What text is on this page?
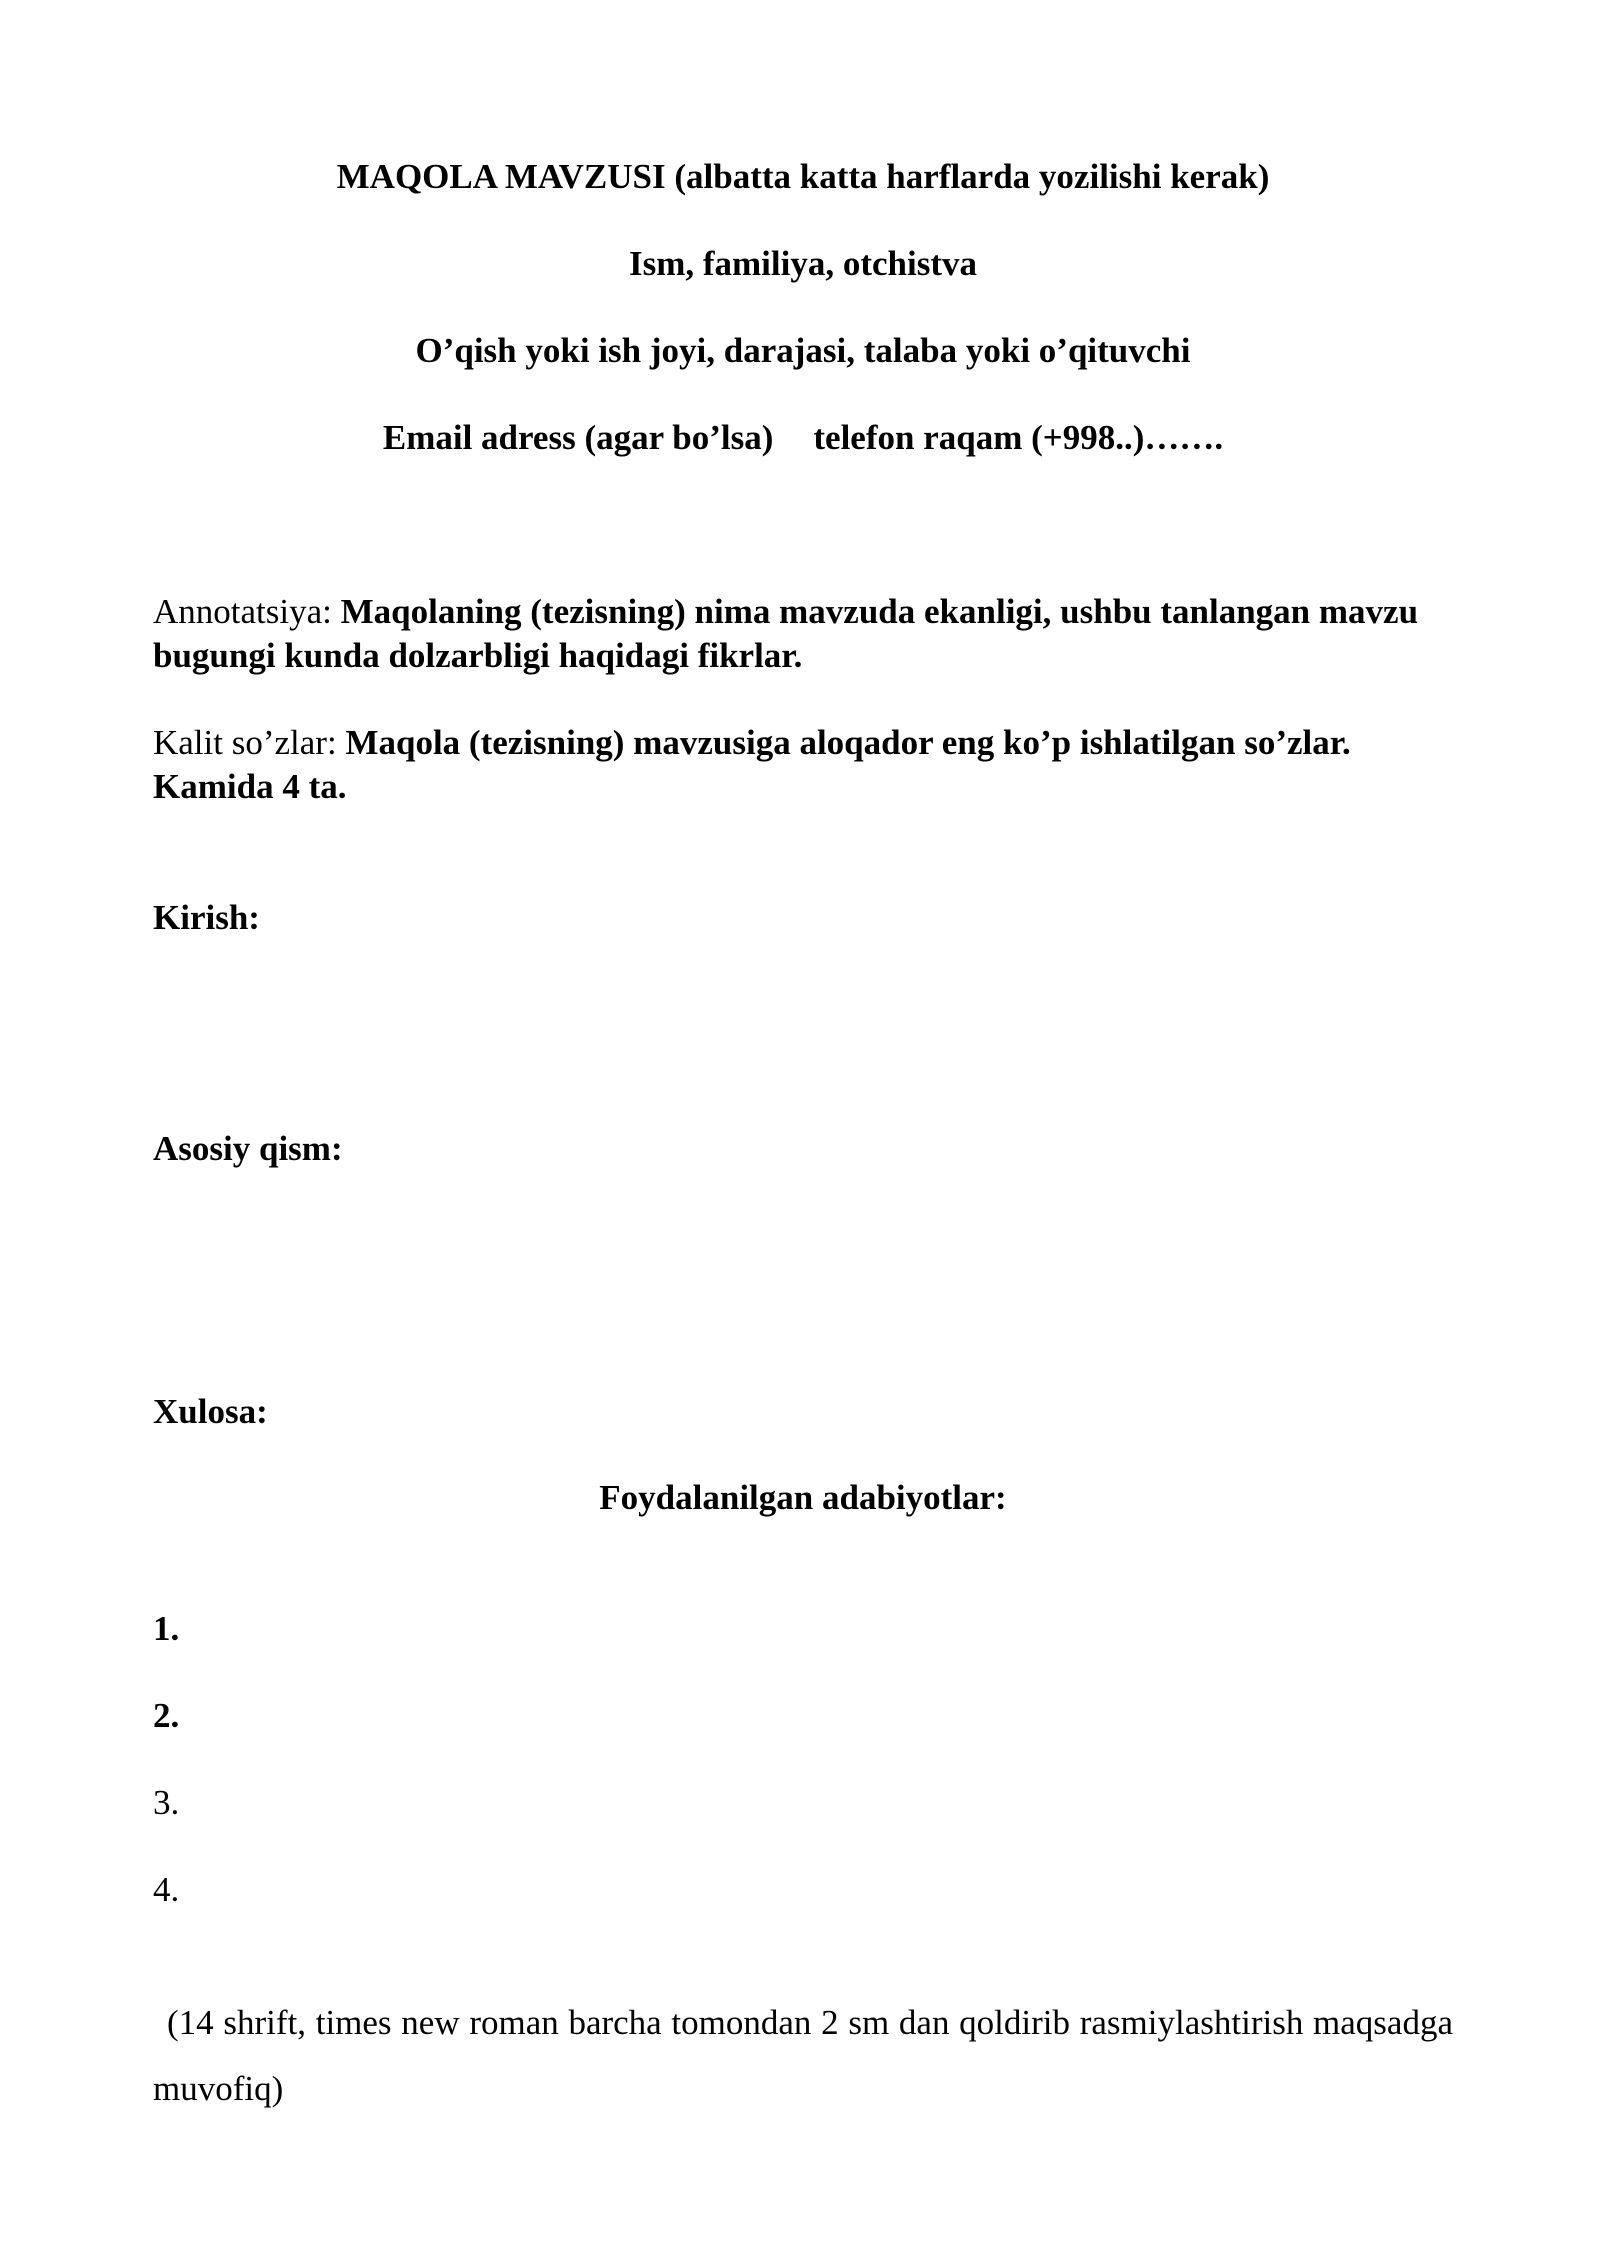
MAQOLA MAVZUSI (albatta katta harflarda yozilishi kerak)
Ism, familiya, otchistva
O’qish yoki ish joyi, darajasi, talaba yoki o’qituvchi
Email adress (agar bo’lsa) telefon raqam (+998..)…….
Annotatsiya: Maqolaning (tezisning) nima mavzuda ekanligi, ushbu tanlangan mavzu bugungi kunda dolzarbligi haqidagi fikrlar.
Kalit so’zlar: Maqola (tezisning) mavzusiga aloqador eng ko’p ishlatilgan so’zlar. Kamida 4 ta.
Kirish:
Asosiy qism:
Xulosa:
Foydalanilgan adabiyotlar:
1.
2.
3.
4.
(14 shrift, times new roman barcha tomondan 2 sm dan qoldirib rasmiylashtirish maqsadga muvofiq)
